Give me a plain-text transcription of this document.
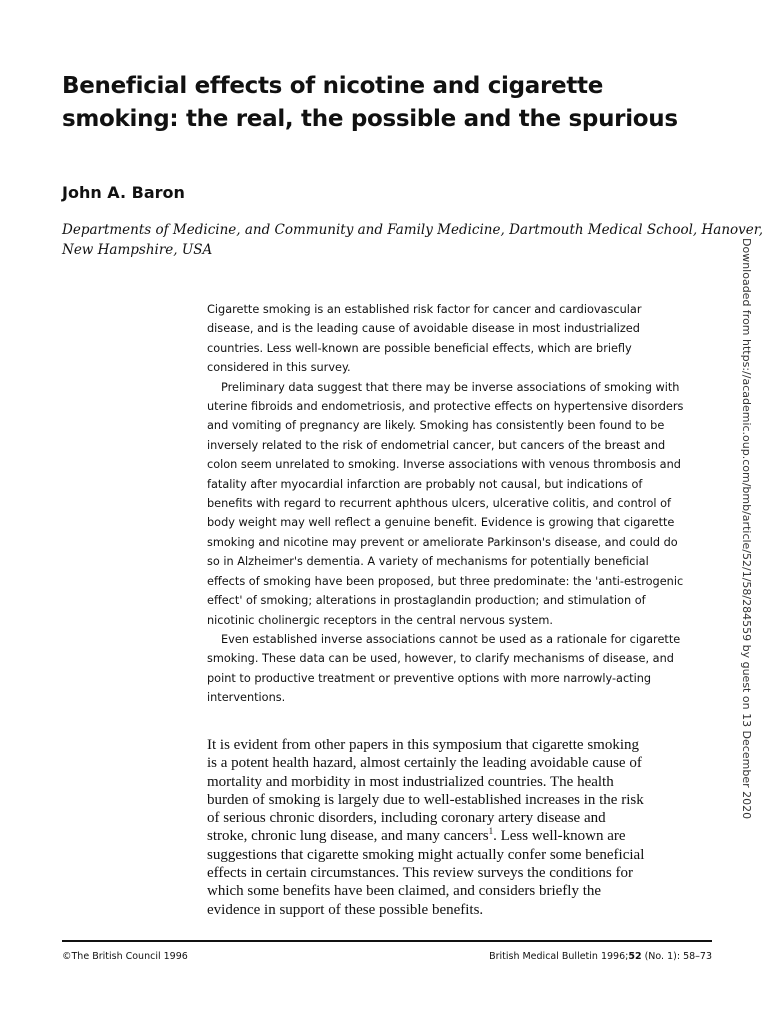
Beneficial effects of nicotine and cigarette
smoking: the real, the possible and the spurious
John A. Baron
Departments of Medicine, and Community and Family Medicine, Dartmouth Medical School, Hanover,
New Hampshire, USA	Downloaded from https://academic.oup.com/bmb/article/52/1/58/284559 by guest on 13 December 2020
Cigarette smoking is an established risk factor for cancer and cardiovascular
disease, and is the leading cause of avoidable disease in most industrialized
countries. Less well-known are possible beneficial effects, which are briefly
considered in this survey.
Preliminary data suggest that there may be inverse associations of smoking with
uterine fibroids and endometriosis, and protective effects on hypertensive disorders
and vomiting of pregnancy are likely. Smoking has consistently been found to be
inversely related to the risk of endometrial cancer, but cancers of the breast and
colon seem unrelated to smoking. Inverse associations with venous thrombosis and
fatality after myocardial infarction are probably not causal, but indications of
benefits with regard to recurrent aphthous ulcers, ulcerative colitis, and control of
body weight may well reflect a genuine benefit. Evidence is growing that cigarette
smoking and nicotine may prevent or ameliorate Parkinson's disease, and could do
so in Alzheimer's dementia. A variety of mechanisms for potentially beneficial
effects of smoking have been proposed, but three predominate: the 'anti-estrogenic
effect' of smoking; alterations in prostaglandin production; and stimulation of
nicotinic cholinergic receptors in the central nervous system.
Even established inverse associations cannot be used as a rationale for cigarette
smoking. These data can be used, however, to clarify mechanisms of disease, and
point to productive treatment or preventive options with more narrowly-acting
interventions.
It is evident from other papers in this symposium that cigarette smoking
is a potent health hazard, almost certainly the leading avoidable cause of
mortality and morbidity in most industrialized countries. The health
burden of smoking is largely due to well-established increases in the risk
of serious chronic disorders, including coronary artery disease and
stroke, chronic lung disease, and many cancers$^1$. Less well-known are
suggestions that cigarette smoking might actually confer some beneficial
effects in certain circumstances. This review surveys the conditions for
which some benefits have been claimed, and considers briefly the
evidence in support of these possible benefits.
©The British Council 1996	British Medical Bulletin 1996;52 (No. 1): 58–73
